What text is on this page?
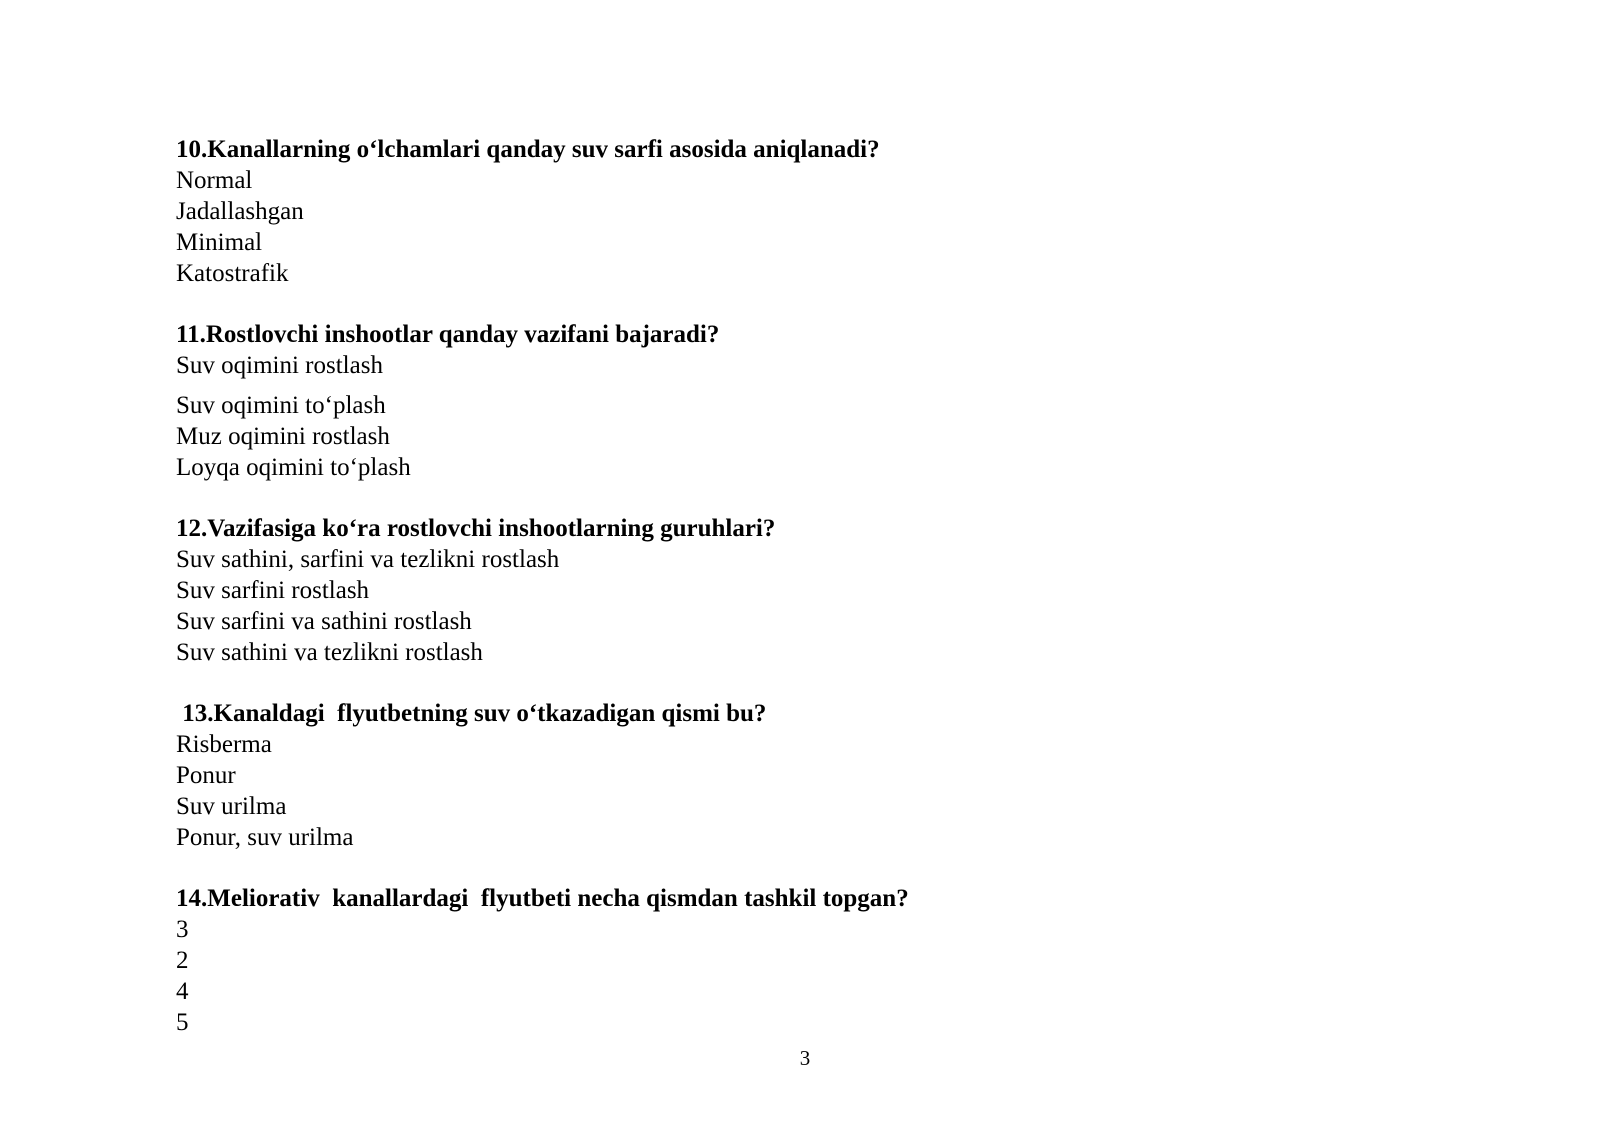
10.Kanallarning o‘lchamlari qanday suv sarfi asosida aniqlanadi?
Normal
Jadallashgan
Minimal
Katostrafik
11.Rostlovchi inshootlar qanday vazifani bajaradi?
Suv oqimini rostlash
Suv oqimini to‘plash
Muz oqimini rostlash
Loyqa oqimini to‘plash
12.Vazifasiga ko‘ra rostlovchi inshootlarning guruhlari?
Suv sathini, sarfini va tezlikni rostlash
Suv sarfini rostlash
Suv sarfini va sathini rostlash
Suv sathini va tezlikni rostlash
13.Kanaldagi  flyutbetning suv o‘tkazadigan qismi bu?
Risberma
Ponur
Suv urilma
Ponur, suv urilma
14.Meliorativ  kanallardagi  flyutbeti necha qismdan tashkil topgan?
3
2
4
5
3
